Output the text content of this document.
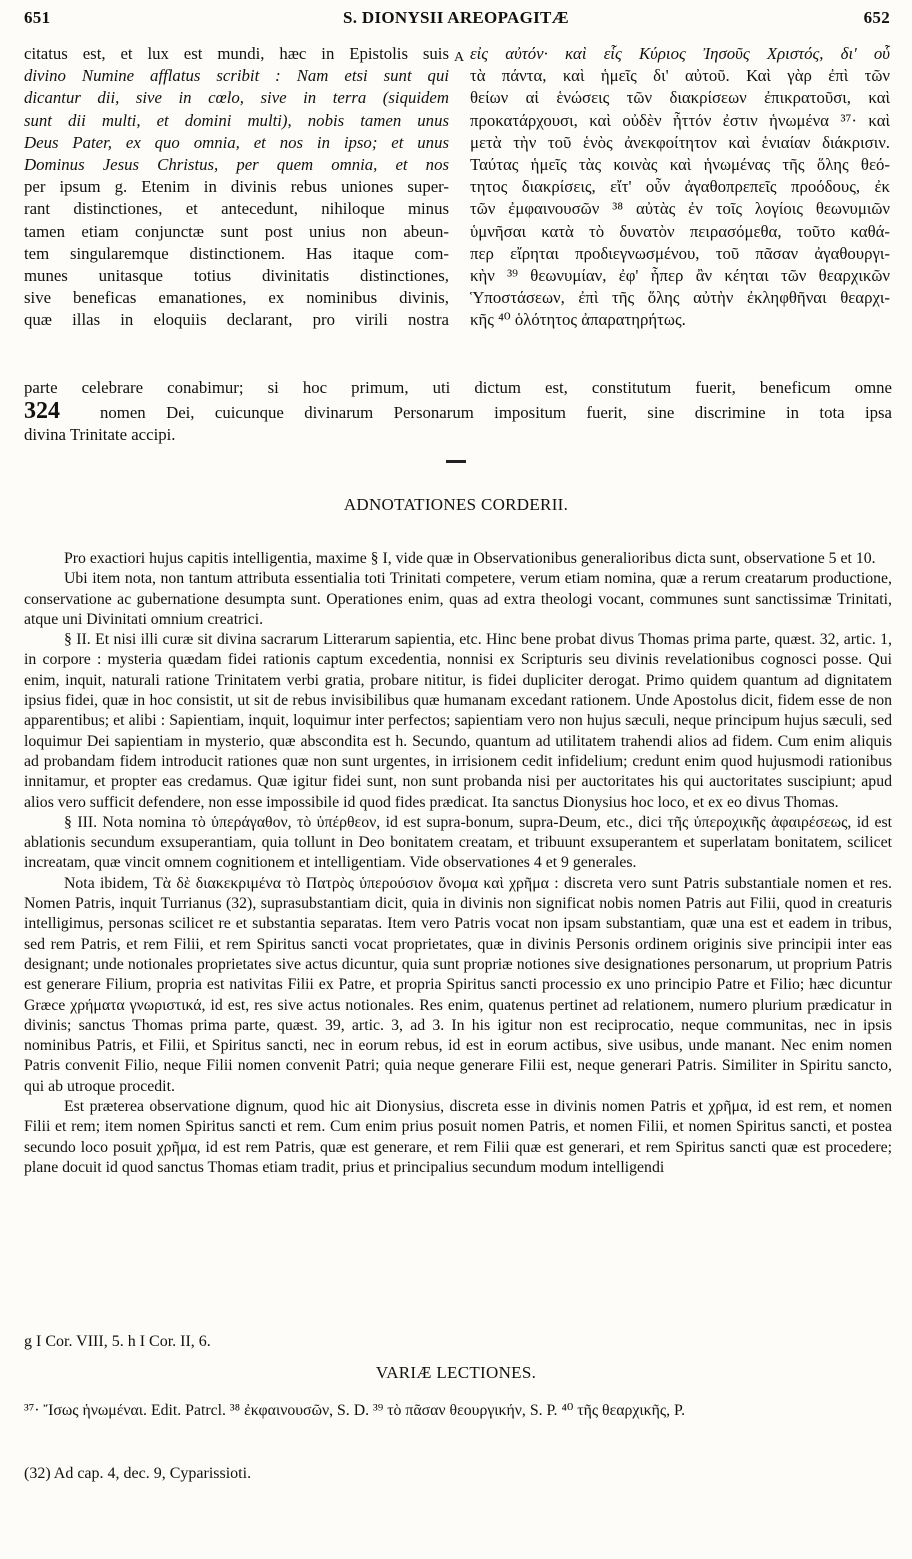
651	S. DIONYSII AREOPAGITÆ	652
citatus est, et lux est mundi, hæc in Epistolis suis
divino Numine afflatus scribit : Nam etsi sunt qui
dicantur dii, sive in cœlo, sive in terra (siquidem
sunt dii multi, et domini multi), nobis tamen unus
Deus Pater, ex quo omnia, et nos in ipso; et unus
Dominus Jesus Christus, per quem omnia, et nos
per ipsum g. Etenim in divinis rebus uniones super-
rant distinctiones, et antecedunt, nihiloque minus
tamen etiam conjunctæ sunt post unius non abeun-
tem singularemque distinctionem. Has itaque com-
munes unitasque totius divinitatis distinctiones,
sive beneficas emanationes, ex nominibus divinis,
quæ illas in eloquiis declarant, pro virili nostra
A εἰς αὐτόν· καὶ εἷς Κύριος Ἰησοῦς Χριστός, δι' οὗ
τὰ πάντα, καὶ ἡμεῖς δι' αὐτοῦ. Καὶ γὰρ ἐπὶ τῶν
θείων αἱ ἑνώσεις τῶν διακρίσεων ἐπικρατοῦσι, καὶ
προκατάρχουσι, καὶ οὐδὲν ἧττόν ἐστιν ἡνωμένα ³⁷· καὶ
μετὰ τὴν τοῦ ἑνὸς ἀνεκφοίτητον καὶ ἑνιαίαν διάκρισιν.
Ταύτας ἡμεῖς τὰς κοινὰς καὶ ἡνωμένας τῆς ὅλης θεό-
τητος διακρίσεις, εἴτ' οὖν ἀγαθοπρεπεῖς προόδους, ἐκ
τῶν ἐμφαινουσῶν ³⁸ αὐτὰς ἐν τοῖς λογίοις θεωνυμιῶν
ὑμνῆσαι κατὰ τὸ δυνατὸν πειρασόμεθα, τοῦτο καθά-
περ εἴρηται προδιεγνωσμένου, τοῦ πᾶσαν ἀγαθουργι-
κὴν ³⁹ θεωνυμίαν, ἐφ' ἧπερ ἂν κέηται τῶν θεαρχικῶν
Ὑποστάσεων, ἐπὶ τῆς ὅλης αὐτὴν ἐκληφθῆναι θεαρχι-
κῆς ⁴⁰ ὁλότητος ἀπαρατηρήτως.
parte celebrare conabimur; si hoc primum, uti dictum est, constitutum fuerit, beneficum omne
324	nomen Dei, cuicunque divinarum Personarum impositum fuerit, sine discrimine in tota ipsa
divina Trinitate accipi.
ADNOTATIONES CORDERII.

Pro exactiori hujus capitis intelligentia, maxime § I, vide quæ in Observationibus generalioribus dicta sunt, observatione 5 et 10.

Ubi item nota, non tantum attributa essentialia toti Trinitati competere, verum etiam nomina, quæ a rerum creatarum productione, conservatione ac gubernatione desumpta sunt. Operationes enim, quas ad extra theologi vocant, communes sunt sanctissimæ Trinitati, atque uni Divinitati omnium creatrici.

§ II. Et nisi illi curæ sit divina sacrarum Litterarum sapientia, etc. Hinc bene probat divus Thomas prima parte, quæst. 32, artic. 1, in corpore : mysteria quædam fidei rationis captum excedentia, nonnisi ex Scripturis seu divinis revelationibus cognosci posse. Qui enim, inquit, naturali ratione Trinitatem verbi gratia, probare nititur, is fidei dupliciter derogat. Primo quidem quantum ad dignitatem ipsius fidei, quæ in hoc consistit, ut sit de rebus invisibilibus quæ humanam excedant rationem. Unde Apostolus dicit, fidem esse de non apparentibus; et alibi : Sapientiam, inquit, loquimur inter perfectos; sapientiam vero non hujus sæculi, neque principum hujus sæculi, sed loquimur Dei sapientiam in mysterio, quæ abscondita est h. Secundo, quantum ad utilitatem trahendi alios ad fidem. Cum enim aliquis ad probandam fidem introducit rationes quæ non sunt urgentes, in irrisionem cedit infidelium; credunt enim quod hujusmodi rationibus innitamur, et propter eas credamus. Quæ igitur fidei sunt, non sunt probanda nisi per auctoritates his qui auctoritates suscipiunt; apud alios vero sufficit defendere, non esse impossibile id quod fides prædicat. Ita sanctus Dionysius hoc loco, et ex eo divus Thomas.

§ III. Nota nomina τὸ ὑπεράγαθον, τὸ ὑπέρθεον, id est supra-bonum, supra-Deum, etc., dici τῆς ὑπεροχικῆς ἀφαιρέσεως, id est ablationis secundum exsuperantiam, quia tollunt in Deo bonitatem creatam, et tribuunt exsuperantem et superlatam bonitatem, scilicet increatam, quæ vincit omnem cognitionem et intelligentiam. Vide observationes 4 et 9 generales.

Nota ibidem, Τὰ δὲ διακεκριμένα τὸ Πατρὸς ὑπερούσιον ὄνομα καὶ χρῆμα : discreta vero sunt Patris substantiale nomen et res. Nomen Patris, inquit Turrianus (32), suprasubstantiam dicit, quia in divinis non significat nobis nomen Patris aut Filii, quod in creaturis intelligimus, personas scilicet re et substantia separatas. Item vero Patris vocat non ipsam substantiam, quæ una est et eadem in tribus, sed rem Patris, et rem Filii, et rem Spiritus sancti vocat proprietates, quæ in divinis Personis ordinem originis sive principii inter eas designant; unde notionales proprietates sive actus dicuntur, quia sunt propriæ notiones sive designationes personarum, ut proprium Patris est generare Filium, propria est nativitas Filii ex Patre, et propria Spiritus sancti processio ex uno principio Patre et Filio; hæc dicuntur Græce χρήματα γνωριστικά, id est, res sive actus notionales. Res enim, quatenus pertinet ad relationem, numero plurium prædicatur in divinis; sanctus Thomas prima parte, quæst. 39, artic. 3, ad 3. In his igitur non est reciprocatio, neque communitas, nec in ipsis nominibus Patris, et Filii, et Spiritus sancti, nec in eorum rebus, id est in eorum actibus, sive usibus, unde manant. Nec enim nomen Patris convenit Filio, neque Filii nomen convenit Patri; quia neque generare Filii est, neque generari Patris. Similiter in Spiritu sancto, qui ab utroque procedit.

Est præterea observatione dignum, quod hic ait Dionysius, discreta esse in divinis nomen Patris et χρῆμα, id est rem, et nomen Filii et rem; item nomen Spiritus sancti et rem. Cum enim prius posuit nomen Patris, et nomen Filii, et nomen Spiritus sancti, et postea secundo loco posuit χρῆμα, id est rem Patris, quæ est generare, et rem Filii quæ est generari, et rem Spiritus sancti quæ est procedere; plane docuit id quod sanctus Thomas etiam tradit, prius et principalius secundum modum intelligendi

g I Cor. VIII, 5. h I Cor. II, 6.
VARIÆ LECTIONES.
³⁷· Ἴσως ἡνωμέναι. Edit. Patrcl. ³⁸ ἐκφαινουσῶν, S. D. ³⁹ τὸ πᾶσαν θεουργικήν, S. P. ⁴⁰ τῆς θεαρχικῆς, P.
(32) Ad cap. 4, dec. 9, Cyparissioti.
